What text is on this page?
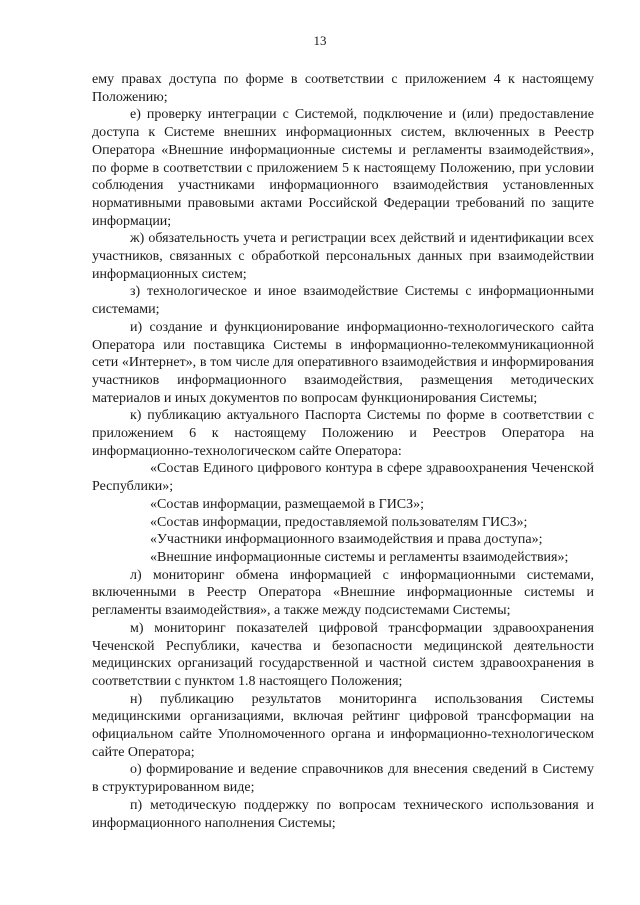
13

ему правах доступа по форме в соответствии с приложением 4 к настоящему Положению;

е) проверку интеграции с Системой, подключение и (или) предоставление доступа к Системе внешних информационных систем, включенных в Реестр Оператора «Внешние информационные системы и регламенты взаимодействия», по форме в соответствии с приложением 5 к настоящему Положению, при условии соблюдения участниками информационного взаимодействия установленных нормативными правовыми актами Российской Федерации требований по защите информации;

ж) обязательность учета и регистрации всех действий и идентификации всех участников, связанных с обработкой персональных данных при взаимодействии информационных систем;

з) технологическое и иное взаимодействие Системы с информационными системами;

и) создание и функционирование информационно-технологического сайта Оператора или поставщика Системы в информационно-телекоммуникационной сети «Интернет», в том числе для оперативного взаимодействия и информирования участников информационного взаимодействия, размещения методических материалов и иных документов по вопросам функционирования Системы;

к) публикацию актуального Паспорта Системы по форме в соответствии с приложением 6 к настоящему Положению и Реестров Оператора на информационно-технологическом сайте Оператора:

«Состав Единого цифрового контура в сфере здравоохранения Чеченской Республики»;

«Состав информации, размещаемой в ГИСЗ»;

«Состав информации, предоставляемой пользователям ГИСЗ»;

«Участники информационного взаимодействия и права доступа»;

«Внешние информационные системы и регламенты взаимодействия»;

л) мониторинг обмена информацией с информационными системами, включенными в Реестр Оператора «Внешние информационные системы и регламенты взаимодействия», а также между подсистемами Системы;

м) мониторинг показателей цифровой трансформации здравоохранения Чеченской Республики, качества и безопасности медицинской деятельности медицинских организаций государственной и частной систем здравоохранения в соответствии с пунктом 1.8 настоящего Положения;

н) публикацию результатов мониторинга использования Системы медицинскими организациями, включая рейтинг цифровой трансформации на официальном сайте Уполномоченного органа и информационно-технологическом сайте Оператора;

о) формирование и ведение справочников для внесения сведений в Систему в структурированном виде;

п) методическую поддержку по вопросам технического использования и информационного наполнения Системы;
